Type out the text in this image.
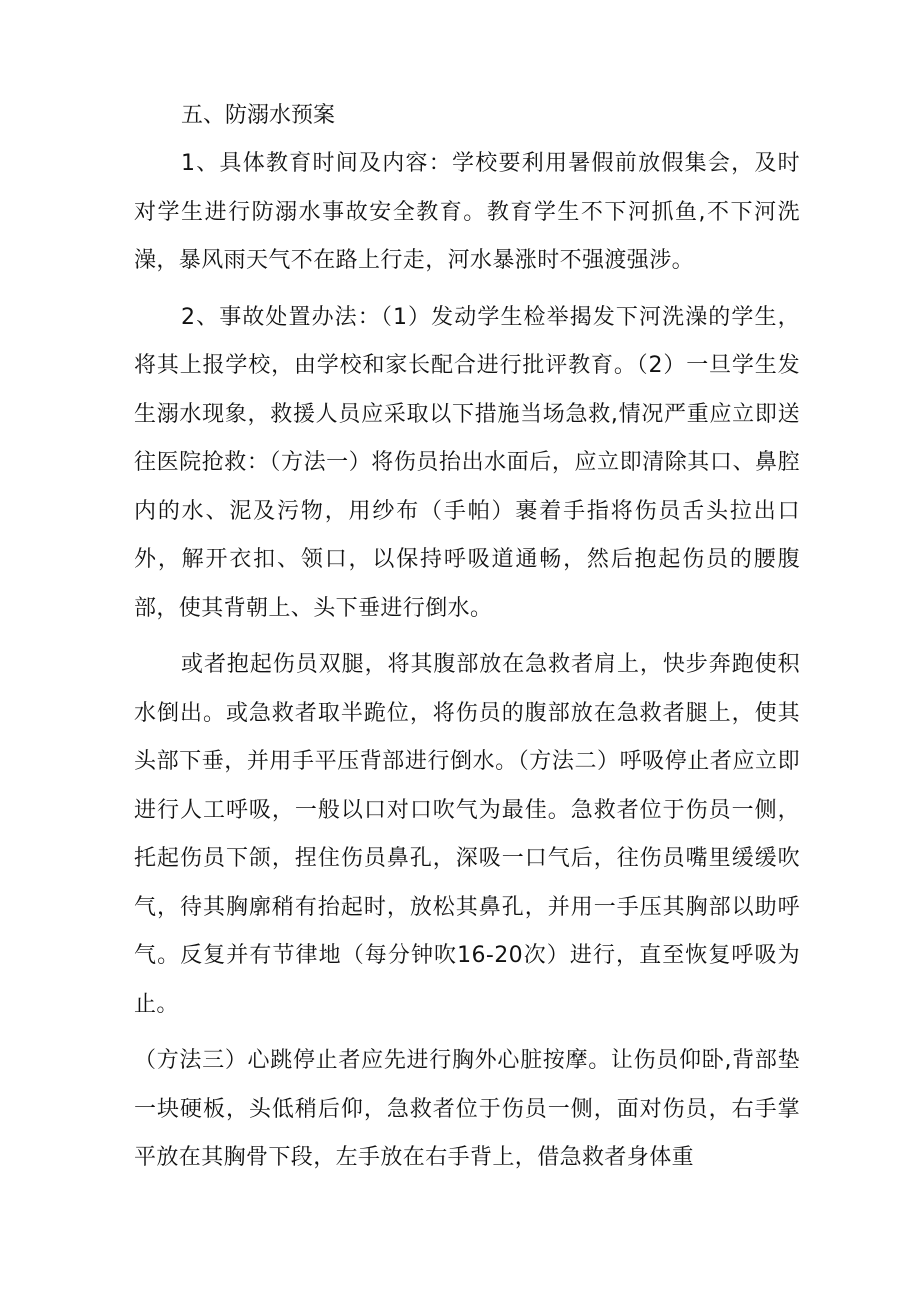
五、防溺水预案

1、具体教育时间及内容：学校要利用暑假前放假集会，及时对学生进行防溺水事故安全教育。教育学生不下河抓鱼,不下河洗澡，暴风雨天气不在路上行走，河水暴涨时不强渡强涉。

2、事故处置办法：（1）发动学生检举揭发下河洗澡的学生，将其上报学校，由学校和家长配合进行批评教育。（2）一旦学生发生溺水现象，救援人员应采取以下措施当场急救,情况严重应立即送往医院抢救：（方法一）将伤员抬出水面后，应立即清除其口、鼻腔内的水、泥及污物，用纱布（手帕）裹着手指将伤员舌头拉出口外，解开衣扣、领口，以保持呼吸道通畅，然后抱起伤员的腰腹部，使其背朝上、头下垂进行倒水。

或者抱起伤员双腿，将其腹部放在急救者肩上，快步奔跑使积水倒出。或急救者取半跪位，将伤员的腹部放在急救者腿上，使其头部下垂，并用手平压背部进行倒水。（方法二）呼吸停止者应立即进行人工呼吸，一般以口对口吹气为最佳。急救者位于伤员一侧，托起伤员下颌，捏住伤员鼻孔，深吸一口气后，往伤员嘴里缓缓吹气，待其胸廓稍有抬起时，放松其鼻孔，并用一手压其胸部以助呼气。反复并有节律地（每分钟吹16-20次）进行，直至恢复呼吸为止。

（方法三）心跳停止者应先进行胸外心脏按摩。让伤员仰卧,背部垫一块硬板，头低稍后仰，急救者位于伤员一侧，面对伤员，右手掌平放在其胸骨下段，左手放在右手背上，借急救者身体重
